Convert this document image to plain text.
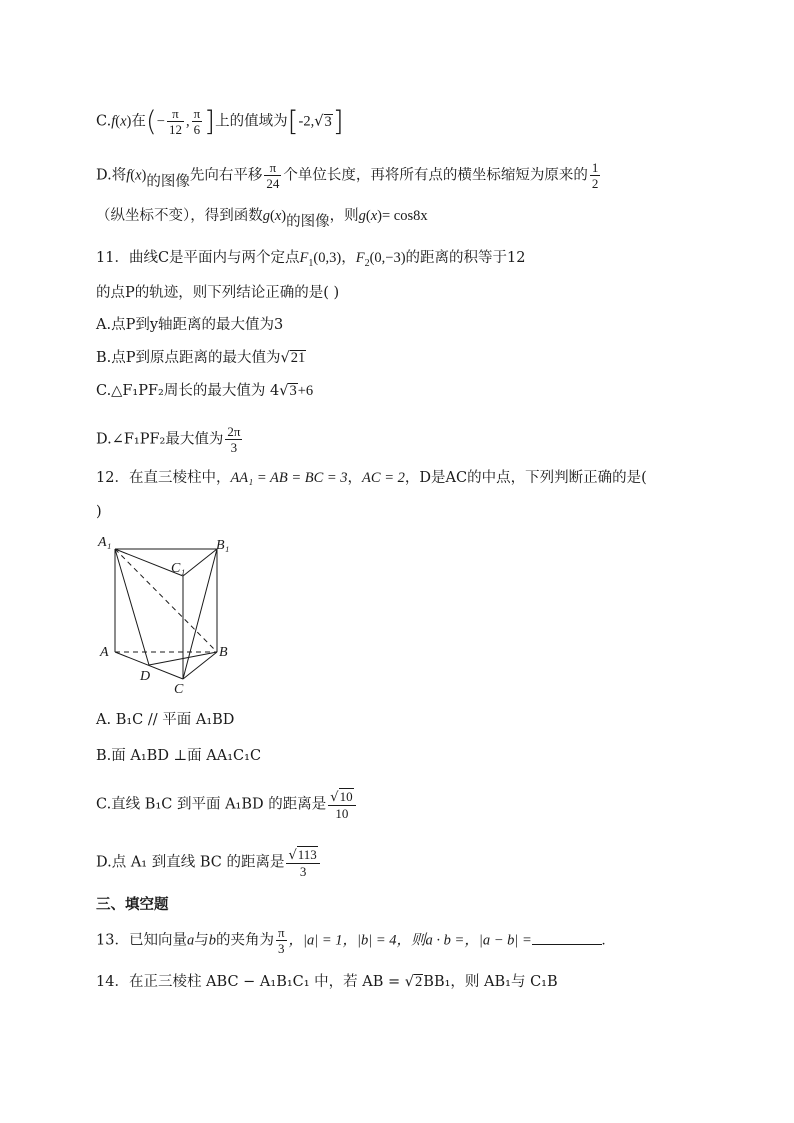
C.f(x)在(− $\frac{\pi}{12}$ , $\frac{\pi}{6}$ ]上的值域为[-2,√3]
D.将f(x)的图像先向右平移 $\frac{\pi}{24}$ 个单位长度，再将所有点的横坐标缩短为原来的 $\frac{1}{2}$
（纵坐标不变），得到函数g(x)的图像，则g(x)= cos8x
11．曲线C是平面内与两个定点$F_1(0,3)$，$F_2(0,-3)$的距离的积等于12
的点P的轨迹，则下列结论正确的是( )
A.点P到y轴距离的最大值为3
B.点P到原点距离的最大值为√21
C.△F₁PF₂周长的最大值为 4√3+6
D.∠F₁PF₂最大值为 $\frac{2\pi}{3}$
12．在直三棱柱中，AA₁ = AB = BC = 3，AC = 2，D是AC的中点，下列判断正确的是(
)
A₁	B₁
C₁
A	B
D
C
A. B₁C // 平面 A₁BD
B.面 A₁BD ⊥面 AA₁C₁C
C.直线 B₁C 到平面 A₁BD 的距离是 $\frac{√10}{10}$
D.点 A₁ 到直线 BC 的距离是 $\frac{√113}{3}$
三、填空题
13．已知向量a与b的夹角为 $\frac{\pi}{3}$ ，|a| = 1，|b| = 4，则a · b =，|a − b| =	.
14．在正三棱柱 ABC − A₁B₁C₁ 中，若 AB = √2BB₁，则 AB₁与 C₁B
